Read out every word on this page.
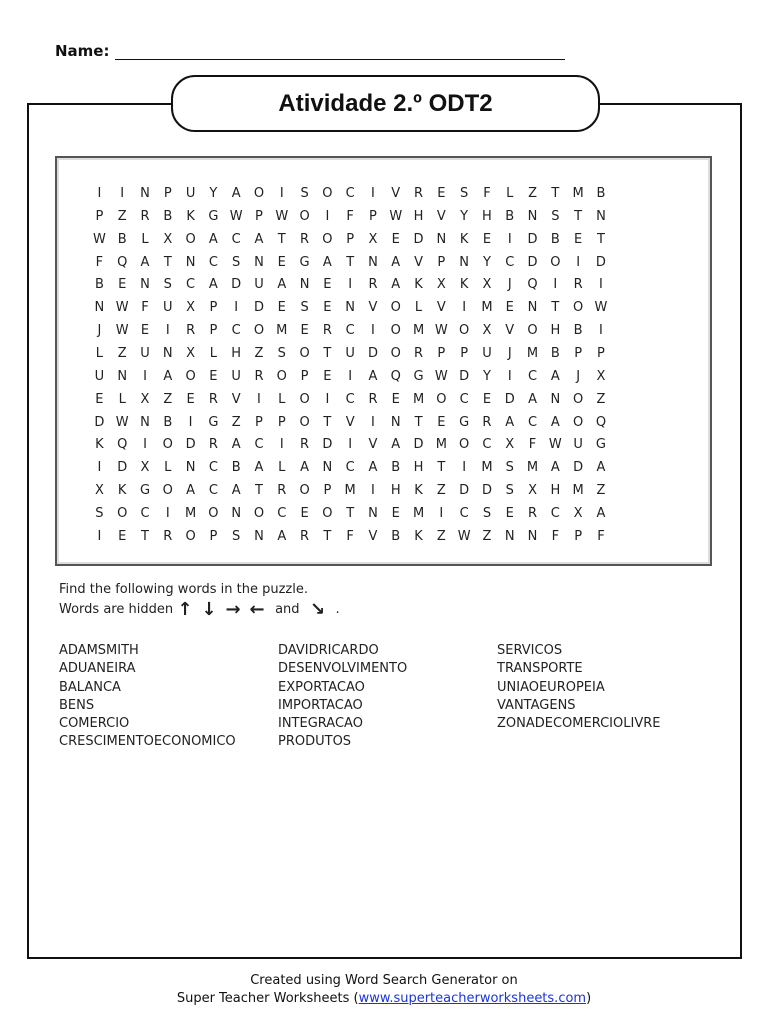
Name:
Atividade 2.º ODT2
I	I	N	P	U	Y	A	O	I	S	O	C	I	V	R	E	S	F	L	Z	T	M B
P	Z	R	B	K	G W P W O	I	F	P W H	V	Y	H	B	N	S	T	N
W B	L	X	O	A	C	A	T	R	O	P	X	E	D N	K	E	I	D	B	E	T
F	Q	A	T	N	C	S	N	E	G	A	T	N	A	V	P	N	Y	C	D O	I	D
B	E	N	S	C	A	D	U	A	N	E	I	R	A	K	X	K	X	J	Q	I	R	I
N W F	U	X	P	I	D	E	S	E	N	V	O	L	V	I	M	E	N	T	O W
J	W E	I	R	P	C	O M	E	R	C	I	O M W O	X	V	O H	B	I
L	Z	U	N	X	L	H	Z	S	O	T	U	D O	R	P	P	U	J	M B	P	P
U	N	I	A	O	E	U	R	O	P	E	I	A	Q G W D	Y	I	C	A	J	X
E	L	X	Z	E	R	V	I	L	O	I	C	R	E	M O	C	E	D	A	N O	Z
D W N	B	I	G	Z	P	P	O	T	V	I	N	T	E	G	R	A	C	A	O Q
K	Q	I	O D	R	A	C	I	R	D	I	V	A	D M O	C	X	F W U	G
I	D	X	L	N	C	B	A	L	A	N	C	A	B	H	T	I	M	S	M A	D	A
X	K	G O	A	C	A	T	R	O	P	M	I	H	K	Z	D D	S	X	H M Z
S	O	C	I	M O N O	C	E	O	T	N	E	M	I	C	S	E	R	C	X	A
I	E	T	R	O	P	S	N	A	R	T	F	V	B	K	Z W Z	N	N	F	P	F
Find the following words in the puzzle.
Words are hidden ↑ ↓ → ← and ↘ .
ADAMSMITH
ADUANEIRA
BALANCA
BENS
COMERCIO
CRESCIMENTOECONOMICO
DAVIDRICARDO
DESENVOLVIMENTO
EXPORTACAO
IMPORTACAO
INTEGRACAO
PRODUTOS
SERVICOS
TRANSPORTE
UNIAOEUROPEIA
VANTAGENS
ZONADECOMERCIOLIVRE
Created using Word Search Generator on
Super Teacher Worksheets (www.superteacherworksheets.com)
